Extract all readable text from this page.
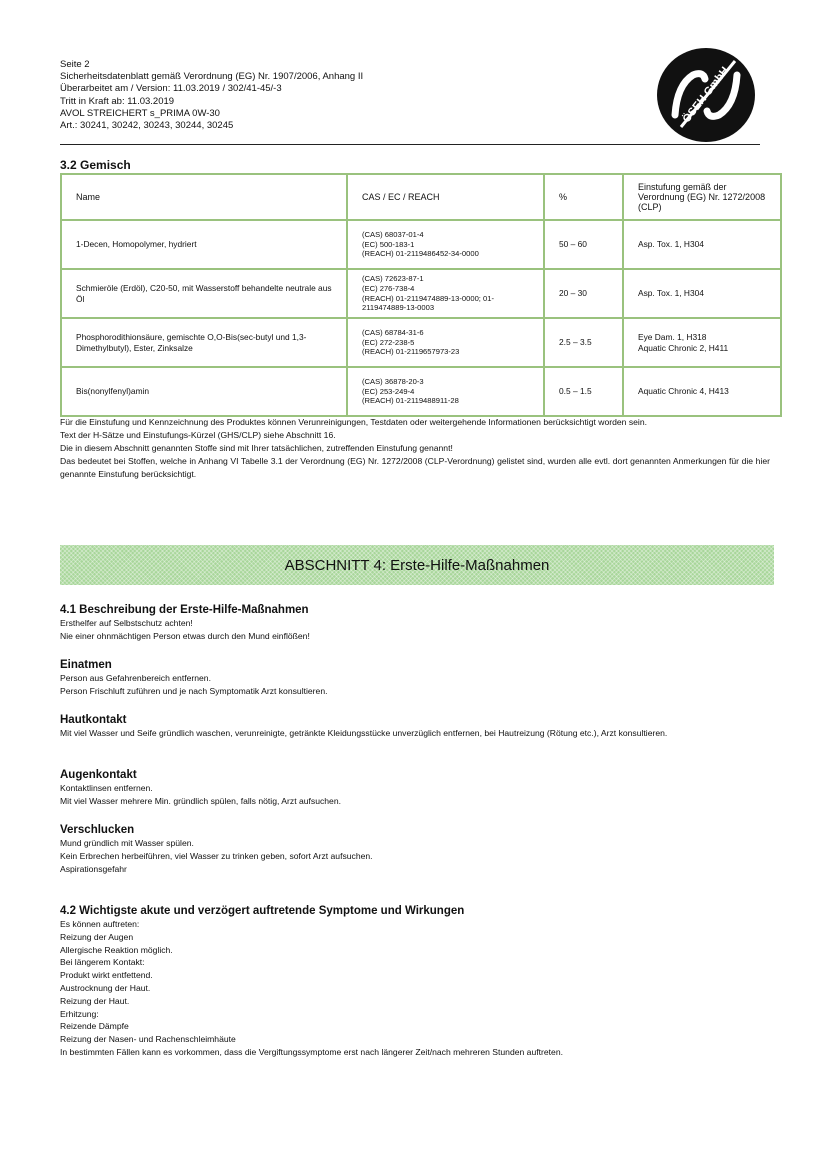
Seite 2
Sicherheitsdatenblatt gemäß Verordnung (EG) Nr. 1907/2006, Anhang II
Überarbeitet am / Version: 11.03.2019 / 302/41-45/-3
Tritt in Kraft ab: 11.03.2019
AVOL STREICHERT s_PRIMA 0W-30
Art.: 30241, 30242, 30243, 30244, 30245
ÖSEH GmbH
3.2 Gemisch
Name	CAS / EC / REACH	%	Einstufung gemäß der Verordnung (EG) Nr. 1272/2008 (CLP)
1-Decen, Homopolymer, hydriert	(CAS) 68037-01-4
(EC) 500-183-1
(REACH) 01-2119486452-34-0000	50 – 60	Asp. Tox. 1, H304

Schmieröle (Erdöl), C20-50, mit Wasserstoff behandelte neutrale aus Öl	(CAS) 72623-87-1
(EC) 276-738-4
(REACH) 01-2119474889-13-0000; 01-2119474889-13-0003	20 – 30	Asp. Tox. 1, H304

Phosphorodithionsäure, gemischte O,O-Bis(sec-butyl und 1,3-Dimethylbutyl), Ester, Zinksalze	(CAS) 68784-31-6
(EC) 272-238-5
(REACH) 01-2119657973-23	2.5 – 3.5	Eye Dam. 1, H318
Aquatic Chronic 2, H411

Bis(nonylfenyl)amin	(CAS) 36878-20-3
(EC) 253-249-4
(REACH) 01-2119488911-28	0.5 – 1.5	Aquatic Chronic 4, H413

Für die Einstufung und Kennzeichnung des Produktes können Verunreinigungen, Testdaten oder weitergehende Informationen berücksichtigt worden sein.

Text der H-Sätze und Einstufungs-Kürzel (GHS/CLP) siehe Abschnitt 16.

Die in diesem Abschnitt genannten Stoffe sind mit Ihrer tatsächlichen, zutreffenden Einstufung genannt!

Das bedeutet bei Stoffen, welche in Anhang VI Tabelle 3.1 der Verordnung (EG) Nr. 1272/2008 (CLP-Verordnung) gelistet sind, wurden alle evtl. dort genannten Anmerkungen für die hier genannte Einstufung berücksichtigt.

ABSCHNITT 4: Erste-Hilfe-Maßnahmen
4.1 Beschreibung der Erste-Hilfe-Maßnahmen

Ersthelfer auf Selbstschutz achten!

Nie einer ohnmächtigen Person etwas durch den Mund einflößen!

Einatmen

Person aus Gefahrenbereich entfernen.

Person Frischluft zuführen und je nach Symptomatik Arzt konsultieren.

Hautkontakt

Mit viel Wasser und Seife gründlich waschen, verunreinigte, getränkte Kleidungsstücke unverzüglich entfernen, bei Hautreizung (Rötung etc.), Arzt konsultieren.

Augenkontakt

Kontaktlinsen entfernen.

Mit viel Wasser mehrere Min. gründlich spülen, falls nötig, Arzt aufsuchen.

Verschlucken

Mund gründlich mit Wasser spülen.

Kein Erbrechen herbeiführen, viel Wasser zu trinken geben, sofort Arzt aufsuchen.

Aspirationsgefahr

4.2 Wichtigste akute und verzögert auftretende Symptome und Wirkungen

Es können auftreten:

Reizung der Augen

Allergische Reaktion möglich.

Bei längerem Kontakt:

Produkt wirkt entfettend.

Austrocknung der Haut.

Reizung der Haut.

Erhitzung:

Reizende Dämpfe

Reizung der Nasen- und Rachenschleimhäute

In bestimmten Fällen kann es vorkommen, dass die Vergiftungssymptome erst nach längerer Zeit/nach mehreren Stunden auftreten.
